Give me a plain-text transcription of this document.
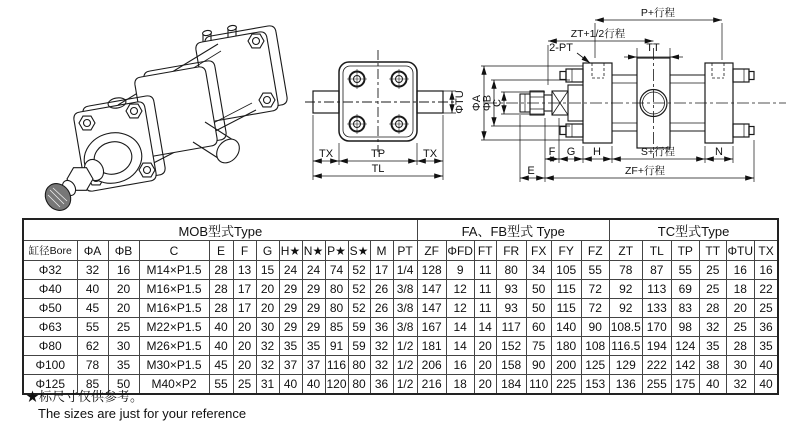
TX	TP	TX
TL
ΦTU
P+行程
ZT+1/2行程
TT
2-PT
ΦA
ΦB
C
F G H	S+行程	N
E	ZF+行程
MOB型式Type													FA、FB型式 Type							TC型式Type					
缸径Bore	ΦA	ΦB	C	E	F	G	H★	N★	P★	S★	M	PT	ZF	ΦFD	FT	FR	FX	FY	FZ	ZT	TL	TP	TT	ΦTU	TX
Φ32	32	16	M14×P1.5	28	13	15	24	24	74	52	17	1/4	128	9	11	80	34	105	55	78	87	55	25	16	16
Φ40	40	20	M16×P1.5	28	17	20	29	29	80	52	26	3/8	147	12	11	93	50	115	72	92	113	69	25	18	22
Φ50	45	20	M16×P1.5	28	17	20	29	29	80	52	26	3/8	147	12	11	93	50	115	72	92	133	83	28	20	25
Φ63	55	25	M22×P1.5	40	20	30	29	29	85	59	36	3/8	167	14	14	117	60	140	90	108.5	170	98	32	25	36
Φ80	62	30	M26×P1.5	40	20	32	35	35	91	59	32	1/2	181	14	20	152	75	180	108	116.5	194	124	35	28	35
Φ100	78	35	M30×P1.5	45	20	32	37	37	116	80	32	1/2	206	16	20	158	90	200	125	129	222	142	38	30	40
Φ125	85	50	M40×P2	55	25	31	40	40	120	80	36	1/2	216	18	20	184	110	225	153	136	255	175	40	32	40
★标尺寸仅供参考。
The sizes are just for your reference
